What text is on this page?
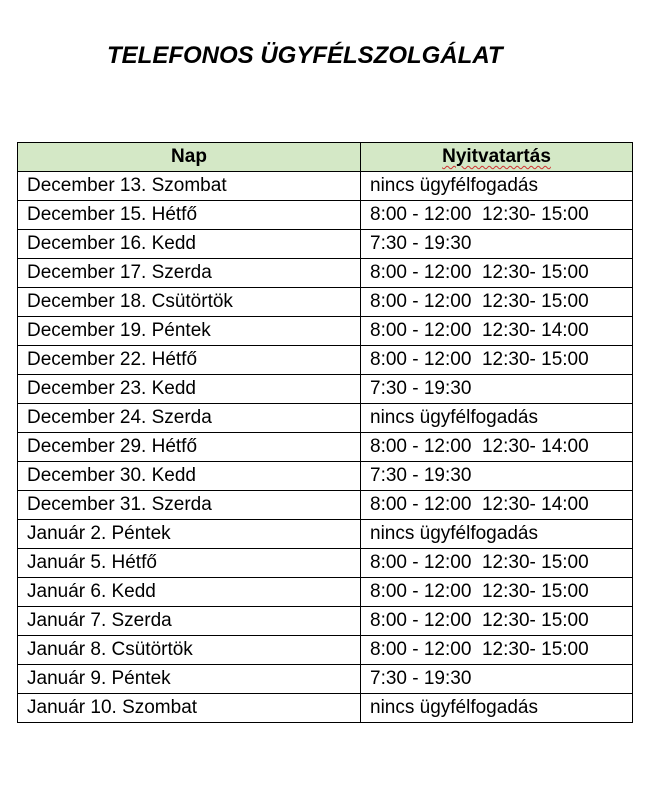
TELEFONOS ÜGYFÉLSZOLGÁLAT
Nap	Nyitvatartás
December 13. Szombat	nincs ügyfélfogadás
December 15. Hétfő	8:00 - 12:00  12:30- 15:00
December 16. Kedd	7:30 - 19:30
December 17. Szerda	8:00 - 12:00  12:30- 15:00
December 18. Csütörtök	8:00 - 12:00  12:30- 15:00
December 19. Péntek	8:00 - 12:00  12:30- 14:00
December 22. Hétfő	8:00 - 12:00  12:30- 15:00
December 23. Kedd	7:30 - 19:30
December 24. Szerda	nincs ügyfélfogadás
December 29. Hétfő	8:00 - 12:00  12:30- 14:00
December 30. Kedd	7:30 - 19:30
December 31. Szerda	8:00 - 12:00  12:30- 14:00
Január 2. Péntek	nincs ügyfélfogadás
Január 5. Hétfő	8:00 - 12:00  12:30- 15:00
Január 6. Kedd	8:00 - 12:00  12:30- 15:00
Január 7. Szerda	8:00 - 12:00  12:30- 15:00
Január 8. Csütörtök	8:00 - 12:00  12:30- 15:00
Január 9. Péntek	7:30 - 19:30
Január 10. Szombat	nincs ügyfélfogadás
